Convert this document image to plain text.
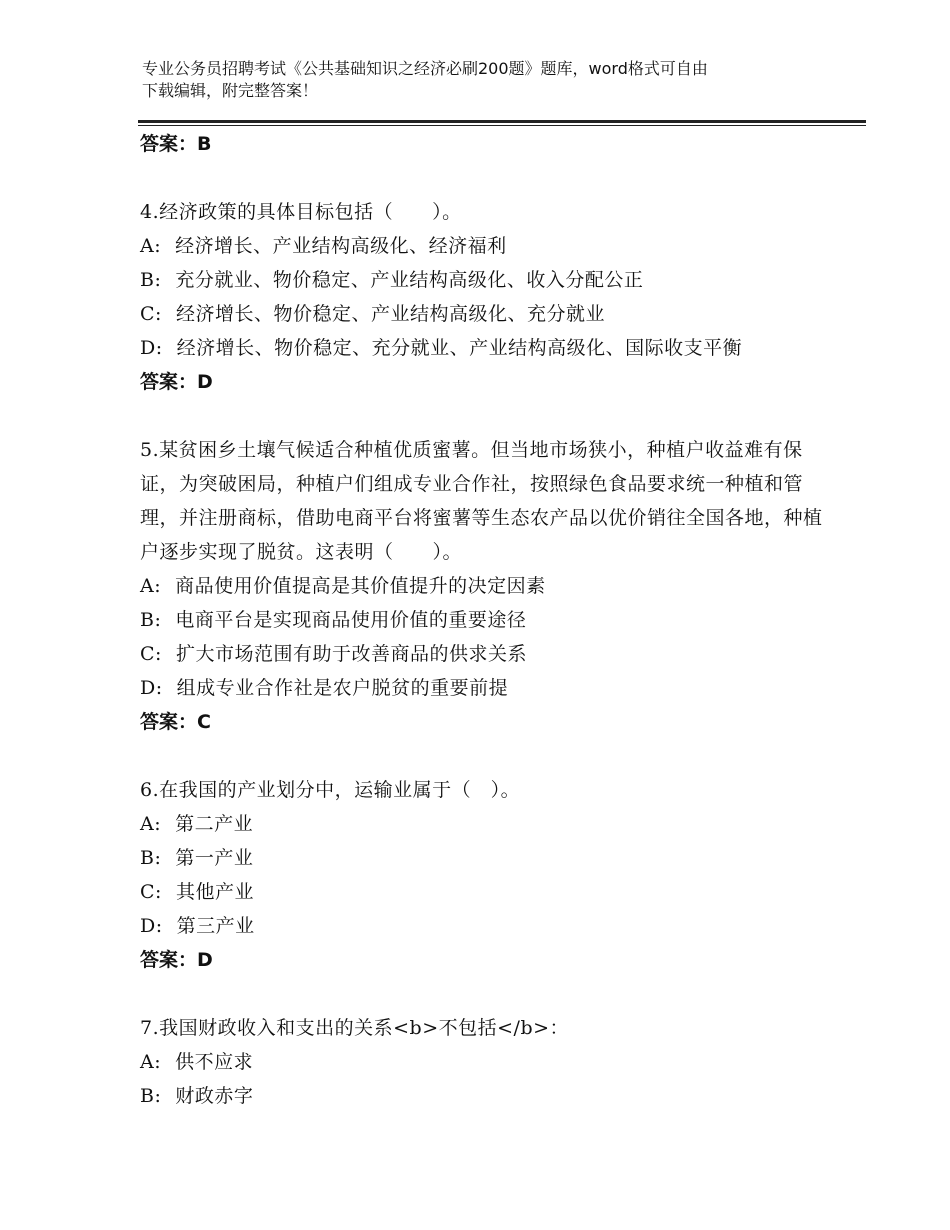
专业公务员招聘考试《公共基础知识之经济必刷200题》题库，word格式可自由
下载编辑，附完整答案！
答案：B
4.经济政策的具体目标包括（　　）。
A: 经济增长、产业结构高级化、经济福利
B: 充分就业、物价稳定、产业结构高级化、收入分配公正
C: 经济增长、物价稳定、产业结构高级化、充分就业
D: 经济增长、物价稳定、充分就业、产业结构高级化、国际收支平衡
答案：D
5.某贫困乡土壤气候适合种植优质蜜薯。但当地市场狭小，种植户收益难有保证，为突破困局，种植户们组成专业合作社，按照绿色食品要求统一种植和管理，并注册商标，借助电商平台将蜜薯等生态农产品以优价销往全国各地，种植户逐步实现了脱贫。这表明（　　）。
A: 商品使用价值提高是其价值提升的决定因素
B: 电商平台是实现商品使用价值的重要途径
C: 扩大市场范围有助于改善商品的供求关系
D: 组成专业合作社是农户脱贫的重要前提
答案：C
6.在我国的产业划分中，运输业属于（　）。
A: 第二产业
B: 第一产业
C: 其他产业
D: 第三产业
答案：D
7.我国财政收入和支出的关系<b>不包括</b>：
A: 供不应求
B: 财政赤字
